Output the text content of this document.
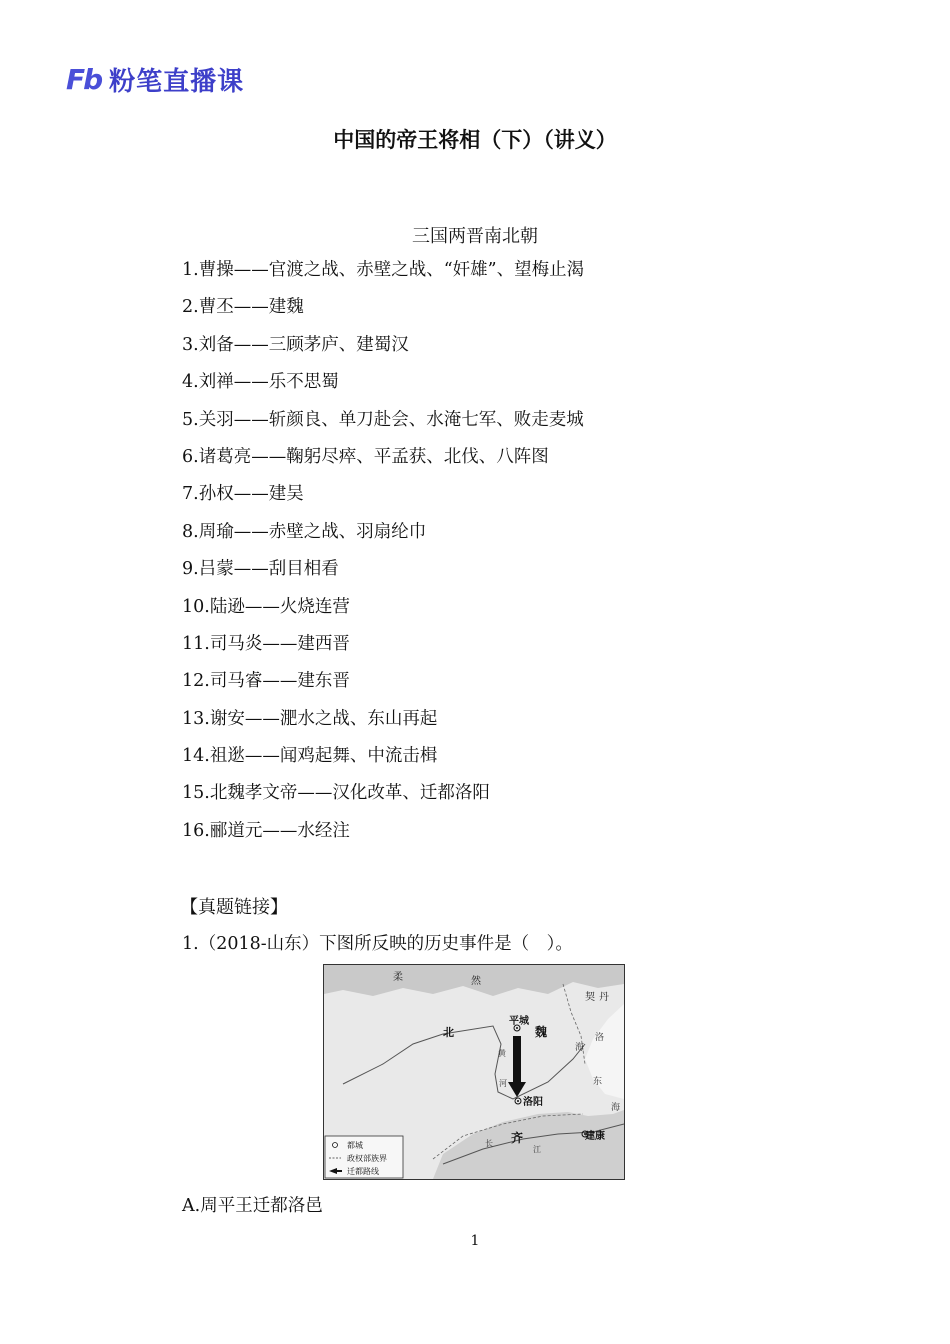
Fb 粉笔直播课
中国的帝王将相（下）（讲义）
三国两晋南北朝
1.曹操——官渡之战、赤壁之战、“奸雄”、望梅止渴
2.曹丕——建魏
3.刘备——三顾茅庐、建蜀汉
4.刘禅——乐不思蜀
5.关羽——斩颜良、单刀赴会、水淹七军、败走麦城
6.诸葛亮——鞠躬尽瘁、平孟获、北伐、八阵图
7.孙权——建吴
8.周瑜——赤壁之战、羽扇纶巾
9.吕蒙——刮目相看
10.陆逊——火烧连营
11.司马炎——建西晋
12.司马睿——建东晋
13.谢安——淝水之战、东山再起
14.祖逖——闻鸡起舞、中流击楫
15.北魏孝文帝——汉化改革、迁都洛阳
16.郦道元——水经注
【真题链接】
1.（2018-山东）下图所反映的历史事件是（　）。
柔	然
契 丹
平城
魏
北
黄
河
洛阳
洛
海
东
海
齐
长
江
建康
都城
政权部族界
迁都路线
A.周平王迁都洛邑
1
